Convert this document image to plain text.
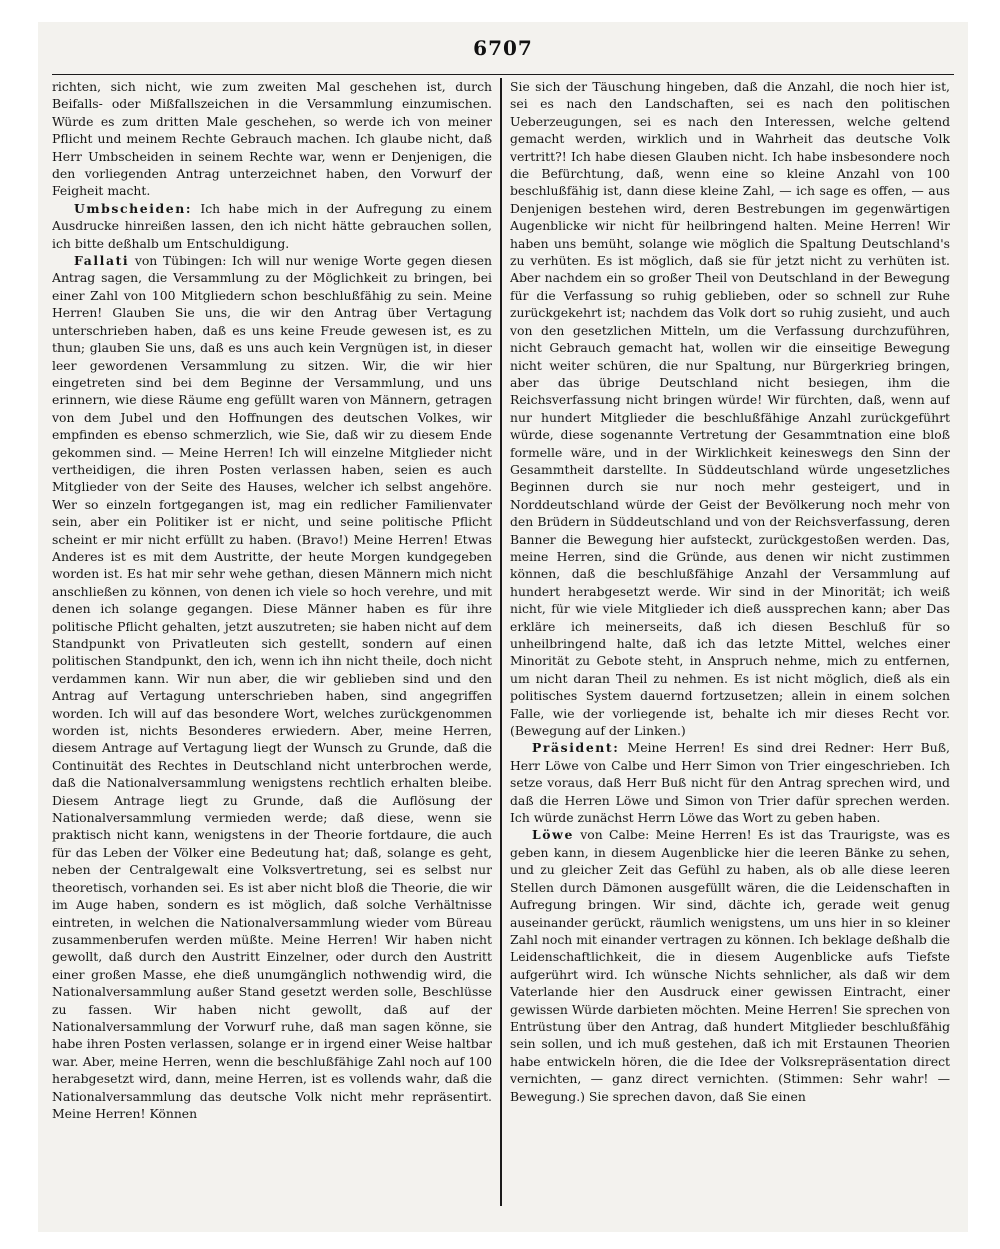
6707

richten, sich nicht, wie zum zweiten Mal geschehen ist, durch Beifalls- oder Mißfallszeichen in die Versammlung einzumischen. Würde es zum dritten Male geschehen, so werde ich von meiner Pflicht und meinem Rechte Gebrauch machen. Ich glaube nicht, daß Herr Umbscheiden in seinem Rechte war, wenn er Denjenigen, die den vorliegenden Antrag unterzeichnet haben, den Vorwurf der Feigheit macht.

Umbscheiden: Ich habe mich in der Aufregung zu einem Ausdrucke hinreißen lassen, den ich nicht hätte gebrauchen sollen, ich bitte deßhalb um Entschuldigung.

Fallati von Tübingen: Ich will nur wenige Worte gegen diesen Antrag sagen, die Versammlung zu der Möglichkeit zu bringen, bei einer Zahl von 100 Mitgliedern schon beschlußfähig zu sein. Meine Herren! Glauben Sie uns, die wir den Antrag über Vertagung unterschrieben haben, daß es uns keine Freude gewesen ist, es zu thun; glauben Sie uns, daß es uns auch kein Vergnügen ist, in dieser leer gewordenen Versammlung zu sitzen. Wir, die wir hier eingetreten sind bei dem Beginne der Versammlung, und uns erinnern, wie diese Räume eng gefüllt waren von Männern, getragen von dem Jubel und den Hoffnungen des deutschen Volkes, wir empfinden es ebenso schmerzlich, wie Sie, daß wir zu diesem Ende gekommen sind. — Meine Herren! Ich will einzelne Mitglieder nicht vertheidigen, die ihren Posten verlassen haben, seien es auch Mitglieder von der Seite des Hauses, welcher ich selbst angehöre. Wer so einzeln fortgegangen ist, mag ein redlicher Familienvater sein, aber ein Politiker ist er nicht, und seine politische Pflicht scheint er mir nicht erfüllt zu haben. (Bravo!) Meine Herren! Etwas Anderes ist es mit dem Austritte, der heute Morgen kundgegeben worden ist. Es hat mir sehr wehe gethan, diesen Männern mich nicht anschließen zu können, von denen ich viele so hoch verehre, und mit denen ich solange gegangen. Diese Männer haben es für ihre politische Pflicht gehalten, jetzt auszutreten; sie haben nicht auf dem Standpunkt von Privatleuten sich gestellt, sondern auf einen politischen Standpunkt, den ich, wenn ich ihn nicht theile, doch nicht verdammen kann. Wir nun aber, die wir geblieben sind und den Antrag auf Vertagung unterschrieben haben, sind angegriffen worden. Ich will auf das besondere Wort, welches zurückgenommen worden ist, nichts Besonderes erwiedern. Aber, meine Herren, diesem Antrage auf Vertagung liegt der Wunsch zu Grunde, daß die Continuität des Rechtes in Deutschland nicht unterbrochen werde, daß die Nationalversammlung wenigstens rechtlich erhalten bleibe. Diesem Antrage liegt zu Grunde, daß die Auflösung der Nationalversammlung vermieden werde; daß diese, wenn sie praktisch nicht kann, wenigstens in der Theorie fortdaure, die auch für das Leben der Völker eine Bedeutung hat; daß, solange es geht, neben der Centralgewalt eine Volksvertretung, sei es selbst nur theoretisch, vorhanden sei. Es ist aber nicht bloß die Theorie, die wir im Auge haben, sondern es ist möglich, daß solche Verhältnisse eintreten, in welchen die Nationalversammlung wieder vom Büreau zusammenberufen werden müßte. Meine Herren! Wir haben nicht gewollt, daß durch den Austritt Einzelner, oder durch den Austritt einer großen Masse, ehe dieß unumgänglich nothwendig wird, die Nationalversammlung außer Stand gesetzt werden solle, Beschlüsse zu fassen. Wir haben nicht gewollt, daß auf der Nationalversammlung der Vorwurf ruhe, daß man sagen könne, sie habe ihren Posten verlassen, solange er in irgend einer Weise haltbar war. Aber, meine Herren, wenn die beschlußfähige Zahl noch auf 100 herabgesetzt wird, dann, meine Herren, ist es vollends wahr, daß die Nationalversammlung das deutsche Volk nicht mehr repräsentirt. Meine Herren! Können

Sie sich der Täuschung hingeben, daß die Anzahl, die noch hier ist, sei es nach den Landschaften, sei es nach den politischen Ueberzeugungen, sei es nach den Interessen, welche geltend gemacht werden, wirklich und in Wahrheit das deutsche Volk vertritt?! Ich habe diesen Glauben nicht. Ich habe insbesondere noch die Befürchtung, daß, wenn eine so kleine Anzahl von 100 beschlußfähig ist, dann diese kleine Zahl, — ich sage es offen, — aus Denjenigen bestehen wird, deren Bestrebungen im gegenwärtigen Augenblicke wir nicht für heilbringend halten. Meine Herren! Wir haben uns bemüht, solange wie möglich die Spaltung Deutschland's zu verhüten. Es ist möglich, daß sie für jetzt nicht zu verhüten ist. Aber nachdem ein so großer Theil von Deutschland in der Bewegung für die Verfassung so ruhig geblieben, oder so schnell zur Ruhe zurückgekehrt ist; nachdem das Volk dort so ruhig zusieht, und auch von den gesetzlichen Mitteln, um die Verfassung durchzuführen, nicht Gebrauch gemacht hat, wollen wir die einseitige Bewegung nicht weiter schüren, die nur Spaltung, nur Bürgerkrieg bringen, aber das übrige Deutschland nicht besiegen, ihm die Reichsverfassung nicht bringen würde! Wir fürchten, daß, wenn auf nur hundert Mitglieder die beschlußfähige Anzahl zurückgeführt würde, diese sogenannte Vertretung der Gesammtnation eine bloß formelle wäre, und in der Wirklichkeit keineswegs den Sinn der Gesammtheit darstellte. In Süddeutschland würde ungesetzliches Beginnen durch sie nur noch mehr gesteigert, und in Norddeutschland würde der Geist der Bevölkerung noch mehr von den Brüdern in Süddeutschland und von der Reichsverfassung, deren Banner die Bewegung hier aufsteckt, zurückgestoßen werden. Das, meine Herren, sind die Gründe, aus denen wir nicht zustimmen können, daß die beschlußfähige Anzahl der Versammlung auf hundert herabgesetzt werde. Wir sind in der Minorität; ich weiß nicht, für wie viele Mitglieder ich dieß aussprechen kann; aber Das erkläre ich meinerseits, daß ich diesen Beschluß für so unheilbringend halte, daß ich das letzte Mittel, welches einer Minorität zu Gebote steht, in Anspruch nehme, mich zu entfernen, um nicht daran Theil zu nehmen. Es ist nicht möglich, dieß als ein politisches System dauernd fortzusetzen; allein in einem solchen Falle, wie der vorliegende ist, behalte ich mir dieses Recht vor. (Bewegung auf der Linken.)

Präsident: Meine Herren! Es sind drei Redner: Herr Buß, Herr Löwe von Calbe und Herr Simon von Trier eingeschrieben. Ich setze voraus, daß Herr Buß nicht für den Antrag sprechen wird, und daß die Herren Löwe und Simon von Trier dafür sprechen werden. Ich würde zunächst Herrn Löwe das Wort zu geben haben.

Löwe von Calbe: Meine Herren! Es ist das Traurigste, was es geben kann, in diesem Augenblicke hier die leeren Bänke zu sehen, und zu gleicher Zeit das Gefühl zu haben, als ob alle diese leeren Stellen durch Dämonen ausgefüllt wären, die die Leidenschaften in Aufregung bringen. Wir sind, dächte ich, gerade weit genug auseinander gerückt, räumlich wenigstens, um uns hier in so kleiner Zahl noch mit einander vertragen zu können. Ich beklage deßhalb die Leidenschaftlichkeit, die in diesem Augenblicke aufs Tiefste aufgerührt wird. Ich wünsche Nichts sehnlicher, als daß wir dem Vaterlande hier den Ausdruck einer gewissen Eintracht, einer gewissen Würde darbieten möchten. Meine Herren! Sie sprechen von Entrüstung über den Antrag, daß hundert Mitglieder beschlußfähig sein sollen, und ich muß gestehen, daß ich mit Erstaunen Theorien habe entwickeln hören, die die Idee der Volksrepräsentation direct vernichten, — ganz direct vernichten. (Stimmen: Sehr wahr! — Bewegung.) Sie sprechen davon, daß Sie einen
